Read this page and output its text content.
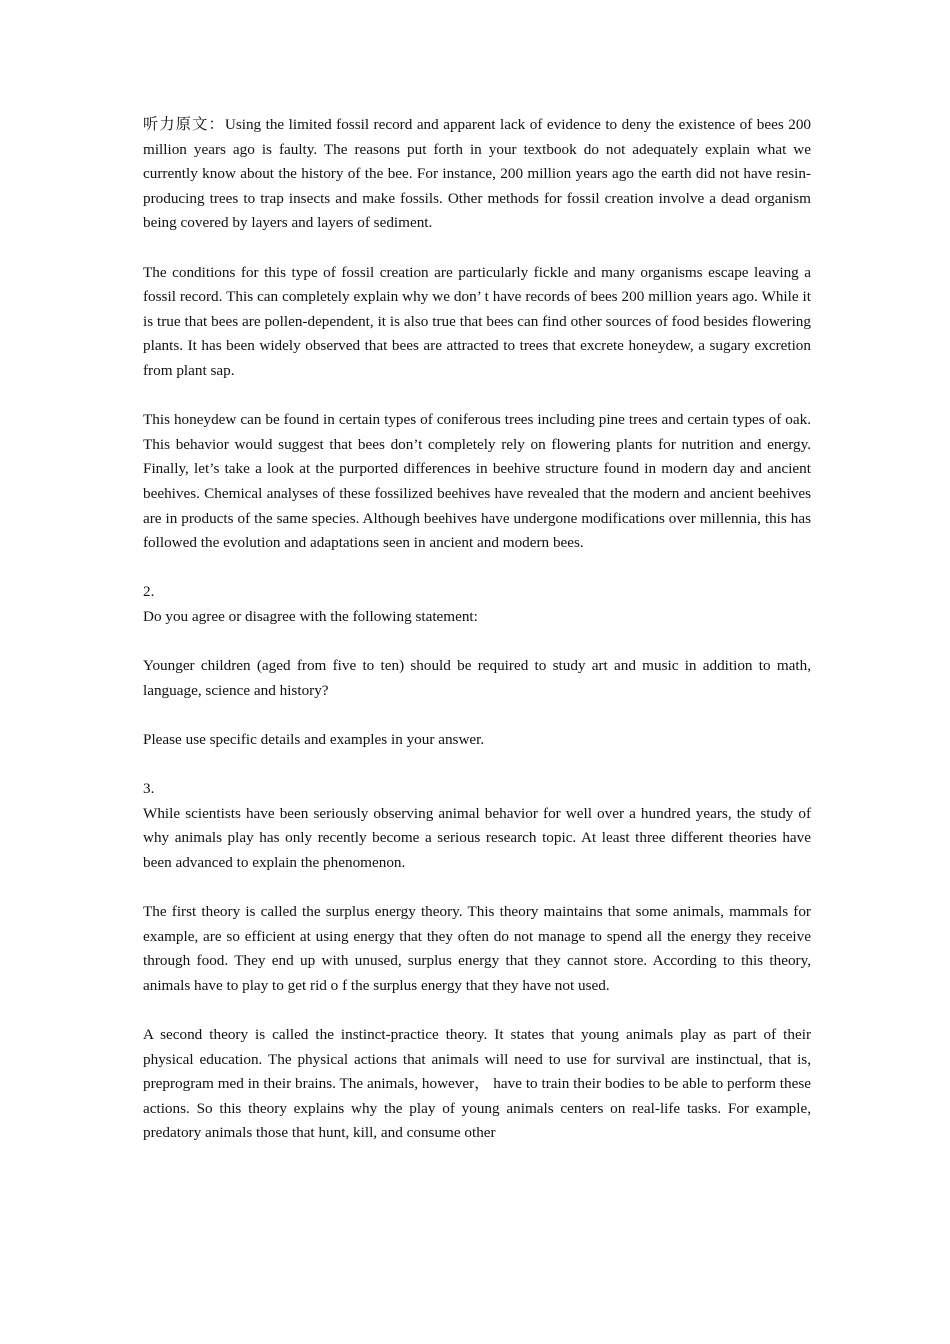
听力原文：Using the limited fossil record and apparent lack of evidence to deny the existence of bees 200 million years ago is faulty. The reasons put forth in your textbook do not adequately explain what we currently know about the history of the bee. For instance, 200 million years ago the earth did not have resin-producing trees to trap insects and make fossils. Other methods for fossil creation involve a dead organism being covered by layers and layers of sediment.

The conditions for this type of fossil creation are particularly fickle and many organisms escape leaving a fossil record. This can completely explain why we don’ t have records of bees 200 million years ago. While it is true that bees are pollen-dependent, it is also true that bees can find other sources of food besides flowering plants. It has been widely observed that bees are attracted to trees that excrete honeydew, a sugary excretion from plant sap.

This honeydew can be found in certain types of coniferous trees including pine trees and certain types of oak. This behavior would suggest that bees don’t completely rely on flowering plants for nutrition and energy. Finally, let’s take a look at the purported differences in beehive structure found in modern day and ancient beehives. Chemical analyses of these fossilized beehives have revealed that the modern and ancient beehives are in products of the same species. Although beehives have undergone modifications over millennia, this has followed the evolution and adaptations seen in ancient and modern bees.

2.

Do you agree or disagree with the following statement:

Younger children (aged from five to ten) should be required to study art and music in addition to math, language, science and history?

Please use specific details and examples in your answer.

3.

While scientists have been seriously observing animal behavior for well over a hundred years, the study of why animals play has only recently become a serious research topic. At least three different theories have been advanced to explain the phenomenon.

The first theory is called the surplus energy theory. This theory maintains that some animals, mammals for example, are so efficient at using energy that they often do not manage to spend all the energy they receive through food. They end up with unused, surplus energy that they cannot store. According to this theory, animals have to play to get rid o f the surplus energy that they have not used.

A second theory is called the instinct-practice theory. It states that young animals play as part of their physical education. The physical actions that animals will need to use for survival are instinctual, that is, preprogram med in their brains. The animals, however， have to train their bodies to be able to perform these actions. So this theory explains why the play of young animals centers on real-life tasks. For example, predatory animals those that hunt, kill, and consume other
